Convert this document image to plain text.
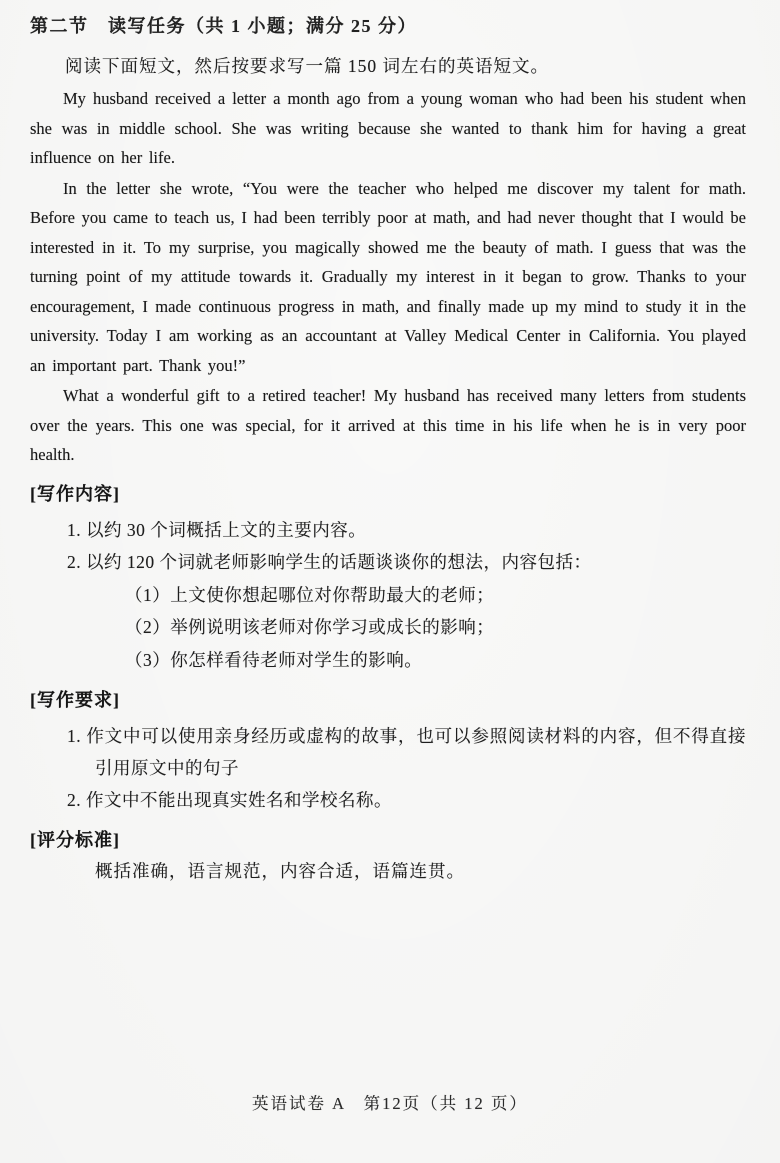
第二节　读写任务（共 1 小题；满分 25 分）
阅读下面短文，然后按要求写一篇 150 词左右的英语短文。

My husband received a letter a month ago from a young woman who had been his student when she was in middle school. She was writing because she wanted to thank him for having a great influence on her life.

In the letter she wrote, “You were the teacher who helped me discover my talent for math. Before you came to teach us, I had been terribly poor at math, and had never thought that I would be interested in it. To my surprise, you magically showed me the beauty of math. I guess that was the turning point of my attitude towards it. Gradually my interest in it began to grow. Thanks to your encouragement, I made continuous progress in math, and finally made up my mind to study it in the university. Today I am working as an accountant at Valley Medical Center in California. You played an important part. Thank you!”

What a wonderful gift to a retired teacher! My husband has received many letters from students over the years. This one was special, for it arrived at this time in his life when he is in very poor health.

[写作内容]
1. 以约 30 个词概括上文的主要内容。
2. 以约 120 个词就老师影响学生的话题谈谈你的想法，内容包括：
（1）上文使你想起哪位对你帮助最大的老师；
（2）举例说明该老师对你学习或成长的影响；
（3）你怎样看待老师对学生的影响。
[写作要求]
1. 作文中可以使用亲身经历或虚构的故事，也可以参照阅读材料的内容，但不得直接引用原文中的句子
2. 作文中不能出现真实姓名和学校名称。
[评分标准]
概括准确，语言规范，内容合适，语篇连贯。
英语试卷 A　第12页（共 12 页）
